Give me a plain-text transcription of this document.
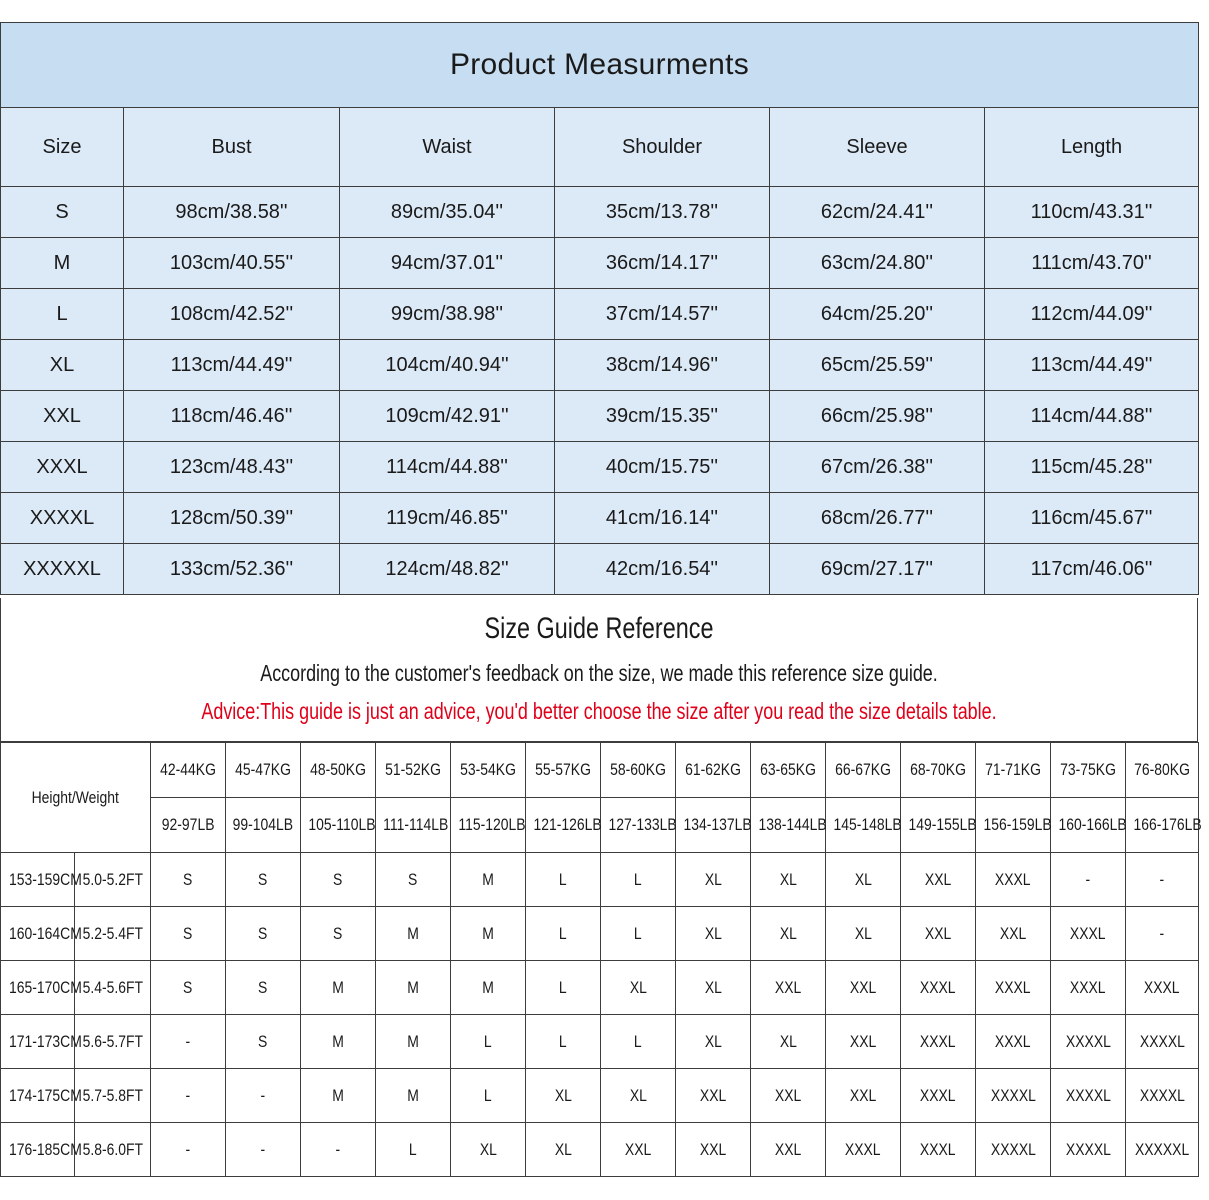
Product Measurments					
Size	Bust	Waist	Shoulder	Sleeve	Length
S	98cm/38.58''	89cm/35.04''	35cm/13.78''	62cm/24.41''	110cm/43.31''
M	103cm/40.55''	94cm/37.01''	36cm/14.17''	63cm/24.80''	111cm/43.70''
L	108cm/42.52''	99cm/38.98''	37cm/14.57''	64cm/25.20''	112cm/44.09''
XL	113cm/44.49''	104cm/40.94''	38cm/14.96''	65cm/25.59''	113cm/44.49''
XXL	118cm/46.46''	109cm/42.91''	39cm/15.35''	66cm/25.98''	114cm/44.88''
XXXL	123cm/48.43''	114cm/44.88''	40cm/15.75''	67cm/26.38''	115cm/45.28''
XXXXL	128cm/50.39''	119cm/46.85''	41cm/16.14''	68cm/26.77''	116cm/45.67''
XXXXXL	133cm/52.36''	124cm/48.82''	42cm/16.54''	69cm/27.17''	117cm/46.06''
Size Guide Reference
According to the customer's feedback on the size, we made this reference size guide.
Advice:This guide is just an advice, you'd better choose the size after you read the size details table.
Height/Weight		42-44KG	45-47KG	48-50KG	51-52KG	53-54KG	55-57KG	58-60KG	61-62KG	63-65KG	66-67KG	68-70KG	71-71KG	73-75KG	76-80KG
		92-97LB	99-104LB	105-110LB	111-114LB	115-120LB	121-126LB	127-133LB	134-137LB	138-144LB	145-148LB	149-155LB	156-159LB	160-166LB	166-176LB
153-159CM	5.0-5.2FT	S	S	S	S	M	L	L	XL	XL	XL	XXL	XXXL	-	-
160-164CM	5.2-5.4FT	S	S	S	M	M	L	L	XL	XL	XL	XXL	XXL	XXXL	-
165-170CM	5.4-5.6FT	S	S	M	M	M	L	XL	XL	XXL	XXL	XXXL	XXXL	XXXL	XXXL
171-173CM	5.6-5.7FT	-	S	M	M	L	L	L	XL	XL	XXL	XXXL	XXXL	XXXXL	XXXXL
174-175CM	5.7-5.8FT	-	-	M	M	L	XL	XL	XXL	XXL	XXL	XXXL	XXXXL	XXXXL	XXXXL
176-185CM	5.8-6.0FT	-	-	-	L	XL	XL	XXL	XXL	XXL	XXXL	XXXL	XXXXL	XXXXL	XXXXXL
